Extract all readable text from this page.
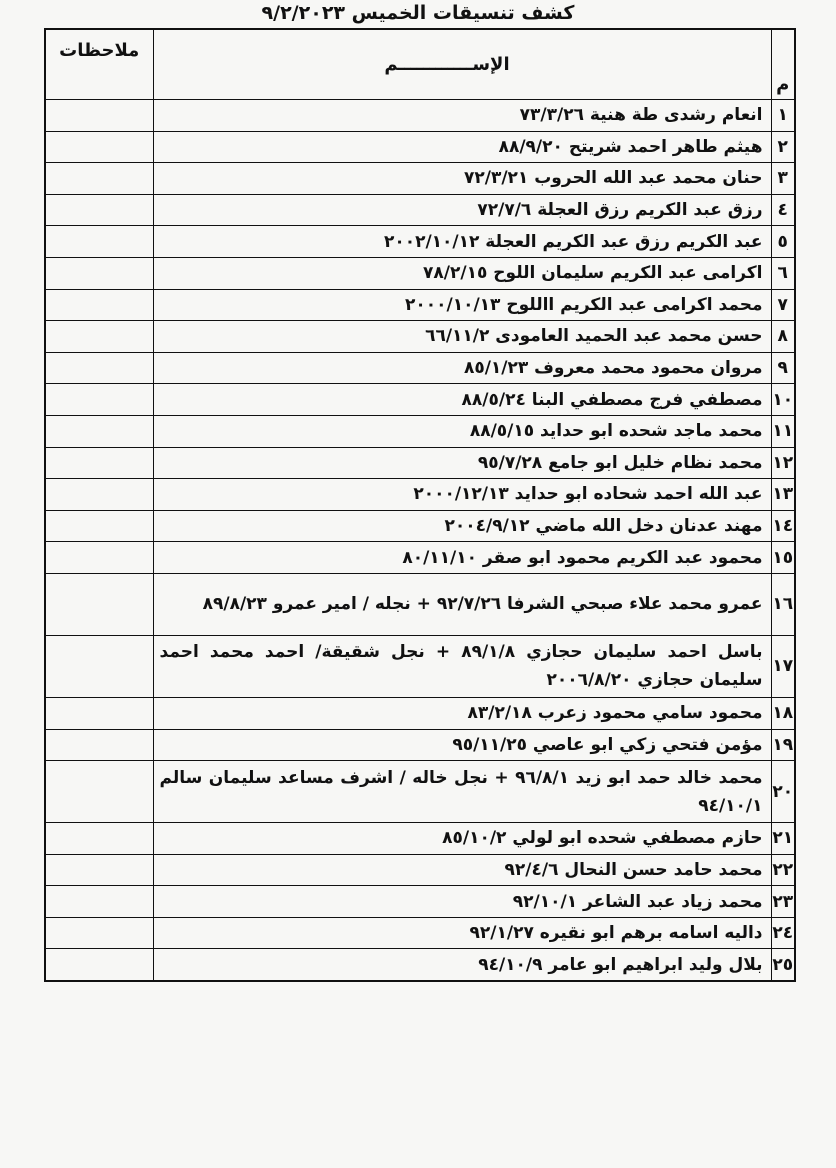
كشف تنسيقات الخميس ٩/٢/٢٠٢٣
م	الإســــــــــــم	ملاحظات
١	انعام رشدى طة هنية ٧٣/٣/٢٦	
٢	هيثم طاهر احمد شريتح ٨٨/٩/٢٠	
٣	حنان محمد عبد الله الحروب ٧٢/٣/٢١	
٤	رزق عبد الكريم رزق العجلة ٧٢/٧/٦	
٥	عبد الكريم رزق عبد الكريم العجلة ٢٠٠٢/١٠/١٢	
٦	اكرامى عبد الكريم سليمان اللوح ٧٨/٢/١٥	
٧	محمد اكرامى عبد الكريم االلوح ٢٠٠٠/١٠/١٣	
٨	حسن محمد عبد الحميد العامودى ٦٦/١١/٢	
٩	مروان محمود محمد معروف ٨٥/١/٢٣	
١٠	مصطفي فرج مصطفي البنا ٨٨/٥/٢٤	
١١	محمد ماجد شحده ابو حدايد ٨٨/٥/١٥	
١٢	محمد نظام خليل ابو جامع ٩٥/٧/٢٨	
١٣	عبد الله احمد شحاده ابو حدايد ٢٠٠٠/١٢/١٣	
١٤	مهند عدنان دخل الله ماضي ٢٠٠٤/٩/١٢	
١٥	محمود عبد الكريم محمود ابو صقر ٨٠/١١/١٠	
١٦	عمرو محمد علاء صبحي الشرفا ٩٢/٧/٢٦ + نجله / امير عمرو ٨٩/٨/٢٣	
١٧	باسل احمد سليمان حجازي ٨٩/١/٨ + نجل شقيقة/ احمد محمد احمد سليمان حجازي ٢٠٠٦/٨/٢٠	
١٨	محمود سامي محمود زعرب ٨٣/٢/١٨	
١٩	مؤمن فتحي زكي ابو عاصي ٩٥/١١/٢٥	
٢٠	محمد خالد حمد ابو زيد ٩٦/٨/١ + نجل خاله / اشرف مساعد سليمان سالم ٩٤/١٠/١	
٢١	حازم مصطفي شحده ابو لولي ٨٥/١٠/٢	
٢٢	محمد حامد حسن النحال ٩٢/٤/٦	
٢٣	محمد زياد عبد الشاعر ٩٢/١٠/١	
٢٤	داليه اسامه برهم ابو نقيره ٩٢/١/٢٧	
٢٥	بلال وليد ابراهيم ابو عامر ٩٤/١٠/٩	
